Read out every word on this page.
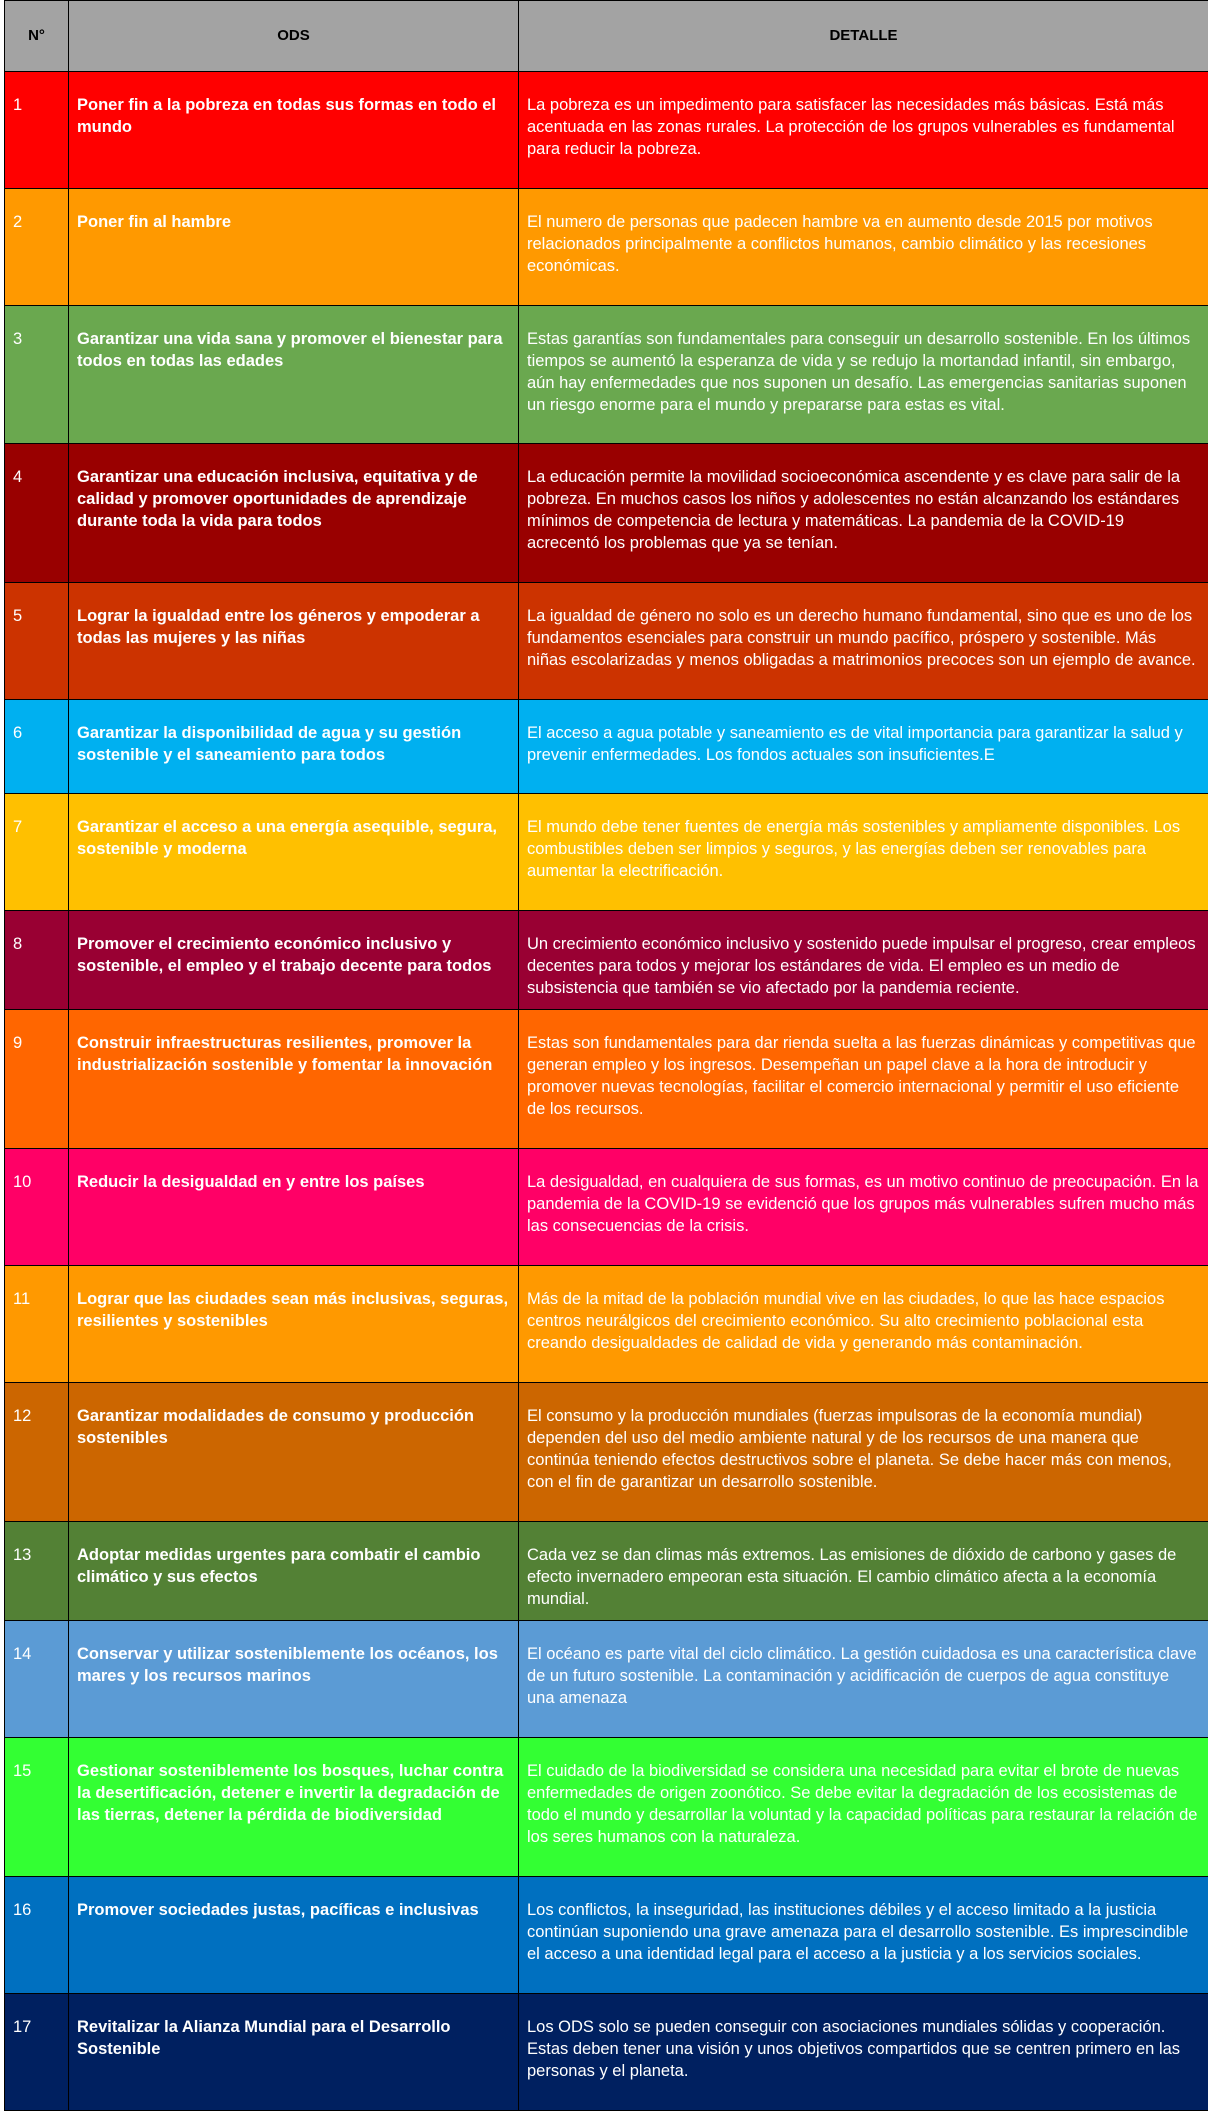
N°	ODS	DETALLE
1	Poner fin a la pobreza en todas sus formas en todo el mundo	La pobreza es un impedimento para satisfacer las necesidades más básicas. Está más acentuada en las zonas rurales. La protección de los grupos vulnerables es fundamental para reducir la pobreza.
2	Poner fin al hambre	El numero de personas que padecen hambre va en aumento desde 2015 por motivos relacionados principalmente a conflictos humanos, cambio climático y las recesiones económicas.
3	Garantizar una vida sana y promover el bienestar para todos en todas las edades	Estas garantías son fundamentales para conseguir un desarrollo sostenible. En los últimos tiempos se aumentó la esperanza de vida y se redujo la mortandad infantil, sin embargo, aún hay enfermedades que nos suponen un desafío. Las emergencias sanitarias suponen un riesgo enorme para el mundo y prepararse para estas es vital.
4	Garantizar una educación inclusiva, equitativa y de calidad y promover oportunidades de aprendizaje durante toda la vida para todos	La educación permite la movilidad socioeconómica ascendente y es clave para salir de la pobreza. En muchos casos los niños y adolescentes no están alcanzando los estándares mínimos de competencia de lectura y matemáticas. La pandemia de la COVID-19 acrecentó los problemas que ya se tenían.
5	Lograr la igualdad entre los géneros y empoderar a todas las mujeres y las niñas	La igualdad de género no solo es un derecho humano fundamental, sino que es uno de los fundamentos esenciales para construir un mundo pacífico, próspero y sostenible. Más niñas escolarizadas y menos obligadas a matrimonios precoces son un ejemplo de avance.
6	Garantizar la disponibilidad de agua y su gestión sostenible y el saneamiento para todos	El acceso a agua potable y saneamiento es de vital importancia para garantizar la salud y prevenir enfermedades. Los fondos actuales son insuficientes.E
7	Garantizar el acceso a una energía asequible, segura, sostenible y moderna	El mundo debe tener fuentes de energía más sostenibles y ampliamente disponibles. Los combustibles deben ser limpios y seguros, y las energías deben ser renovables para aumentar la electrificación.
8	Promover el crecimiento económico inclusivo y sostenible, el empleo y el trabajo decente para todos	Un crecimiento económico inclusivo y sostenido puede impulsar el progreso, crear empleos decentes para todos y mejorar los estándares de vida. El empleo es un medio de subsistencia que también se vio afectado por la pandemia reciente.
9	Construir infraestructuras resilientes, promover la industrialización sostenible y fomentar la innovación	Estas son fundamentales para dar rienda suelta a las fuerzas dinámicas y competitivas que generan empleo y los ingresos. Desempeñan un papel clave a la hora de introducir y promover nuevas tecnologías, facilitar el comercio internacional y permitir el uso eficiente de los recursos.
10	Reducir la desigualdad en y entre los países	La desigualdad, en cualquiera de sus formas, es un motivo continuo de preocupación. En la pandemia de la COVID-19 se evidenció que los grupos más vulnerables sufren mucho más las consecuencias de la crisis.
11	Lograr que las ciudades sean más inclusivas, seguras, resilientes y sostenibles	Más de la mitad de la población mundial vive en las ciudades, lo que las hace espacios centros neurálgicos del crecimiento económico. Su alto crecimiento poblacional esta creando desigualdades de calidad de vida y generando más contaminación.
12	Garantizar modalidades de consumo y producción sostenibles	El consumo y la producción mundiales (fuerzas impulsoras de la economía mundial) dependen del uso del medio ambiente natural y de los recursos de una manera que continúa teniendo efectos destructivos sobre el planeta. Se debe hacer más con menos, con el fin de garantizar un desarrollo sostenible.
13	Adoptar medidas urgentes para combatir el cambio climático y sus efectos	Cada vez se dan climas más extremos. Las emisiones de dióxido de carbono y gases de efecto invernadero empeoran esta situación. El cambio climático afecta a la economía mundial.
14	Conservar y utilizar sosteniblemente los océanos, los mares y los recursos marinos	El océano es parte vital del ciclo climático. La gestión cuidadosa es una característica clave de un futuro sostenible. La contaminación y acidificación de cuerpos de agua constituye una amenaza
15	Gestionar sosteniblemente los bosques, luchar contra la desertificación, detener e invertir la degradación de las tierras, detener la pérdida de biodiversidad	El cuidado de la biodiversidad se considera una necesidad para evitar el brote de nuevas enfermedades de origen zoonótico. Se debe evitar la degradación de los ecosistemas de todo el mundo y desarrollar la voluntad y la capacidad políticas para restaurar la relación de los seres humanos con la naturaleza.
16	Promover sociedades justas, pacíficas e inclusivas	Los conflictos, la inseguridad, las instituciones débiles y el acceso limitado a la justicia continúan suponiendo una grave amenaza para el desarrollo sostenible. Es imprescindible el acceso a una identidad legal para el acceso a la justicia y a los servicios sociales.
17	Revitalizar la Alianza Mundial para el Desarrollo Sostenible	Los ODS solo se pueden conseguir con asociaciones mundiales sólidas y cooperación. Estas deben tener una visión y unos objetivos compartidos que se centren primero en las personas y el planeta.
